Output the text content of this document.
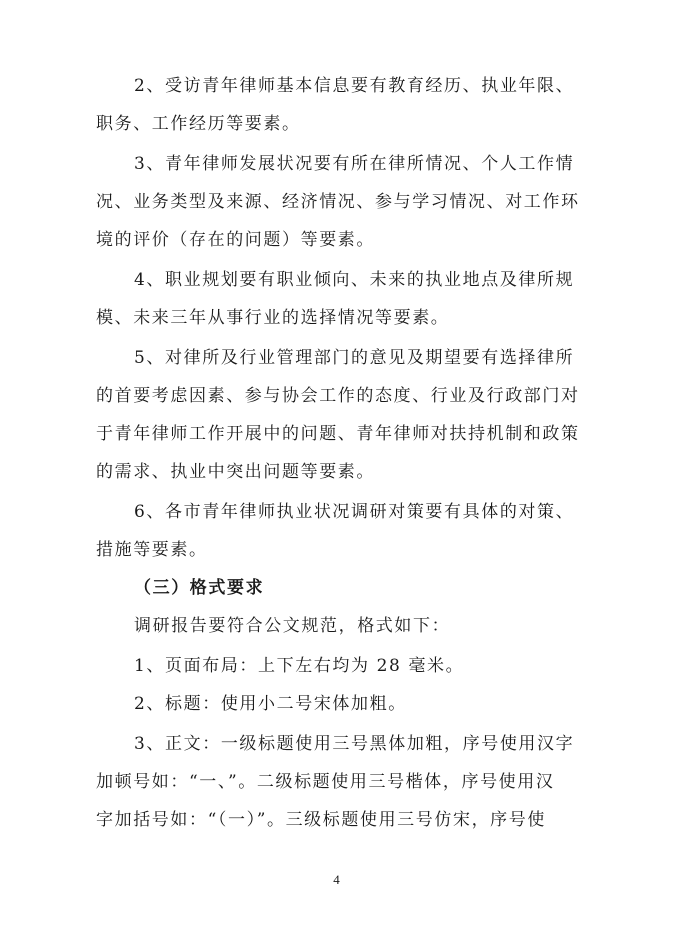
2、受访青年律师基本信息要有教育经历、执业年限、
职务、工作经历等要素。
3、青年律师发展状况要有所在律所情况、个人工作情
况、业务类型及来源、经济情况、参与学习情况、对工作环
境的评价（存在的问题）等要素。
4、职业规划要有职业倾向、未来的执业地点及律所规
模、未来三年从事行业的选择情况等要素。
5、对律所及行业管理部门的意见及期望要有选择律所
的首要考虑因素、参与协会工作的态度、行业及行政部门对
于青年律师工作开展中的问题、青年律师对扶持机制和政策
的需求、执业中突出问题等要素。
6、各市青年律师执业状况调研对策要有具体的对策、
措施等要素。
（三）格式要求
调研报告要符合公文规范，格式如下：
1、页面布局：上下左右均为 28 毫米。
2、标题：使用小二号宋体加粗。
3、正文：一级标题使用三号黑体加粗，序号使用汉字
加顿号如：“一、”。二级标题使用三号楷体，序号使用汉
字加括号如：“（一）”。三级标题使用三号仿宋，序号使
4
